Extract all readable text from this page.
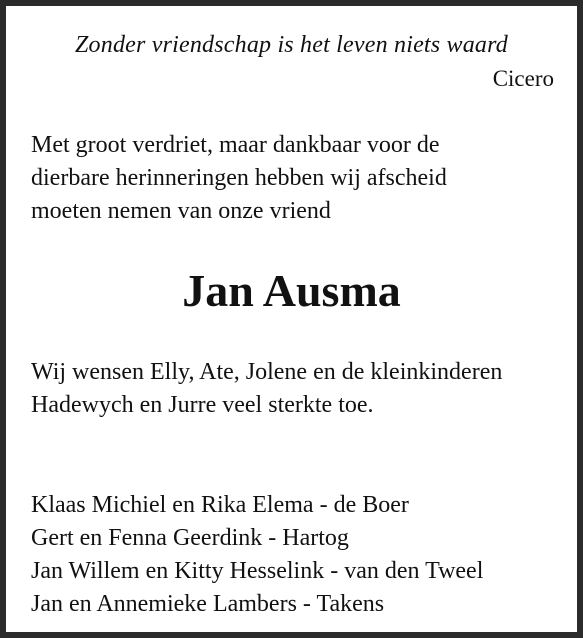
Zonder vriendschap is het leven niets waard
Cicero
Met groot verdriet, maar dankbaar voor de
dierbare herinneringen hebben wij afscheid
moeten nemen van onze vriend
Jan Ausma
Wij wensen Elly, Ate, Jolene en de kleinkinderen
Hadewych en Jurre veel sterkte toe.
Klaas Michiel en Rika Elema - de Boer
Gert en Fenna Geerdink - Hartog
Jan Willem en Kitty Hesselink - van den Tweel
Jan en Annemieke Lambers - Takens
